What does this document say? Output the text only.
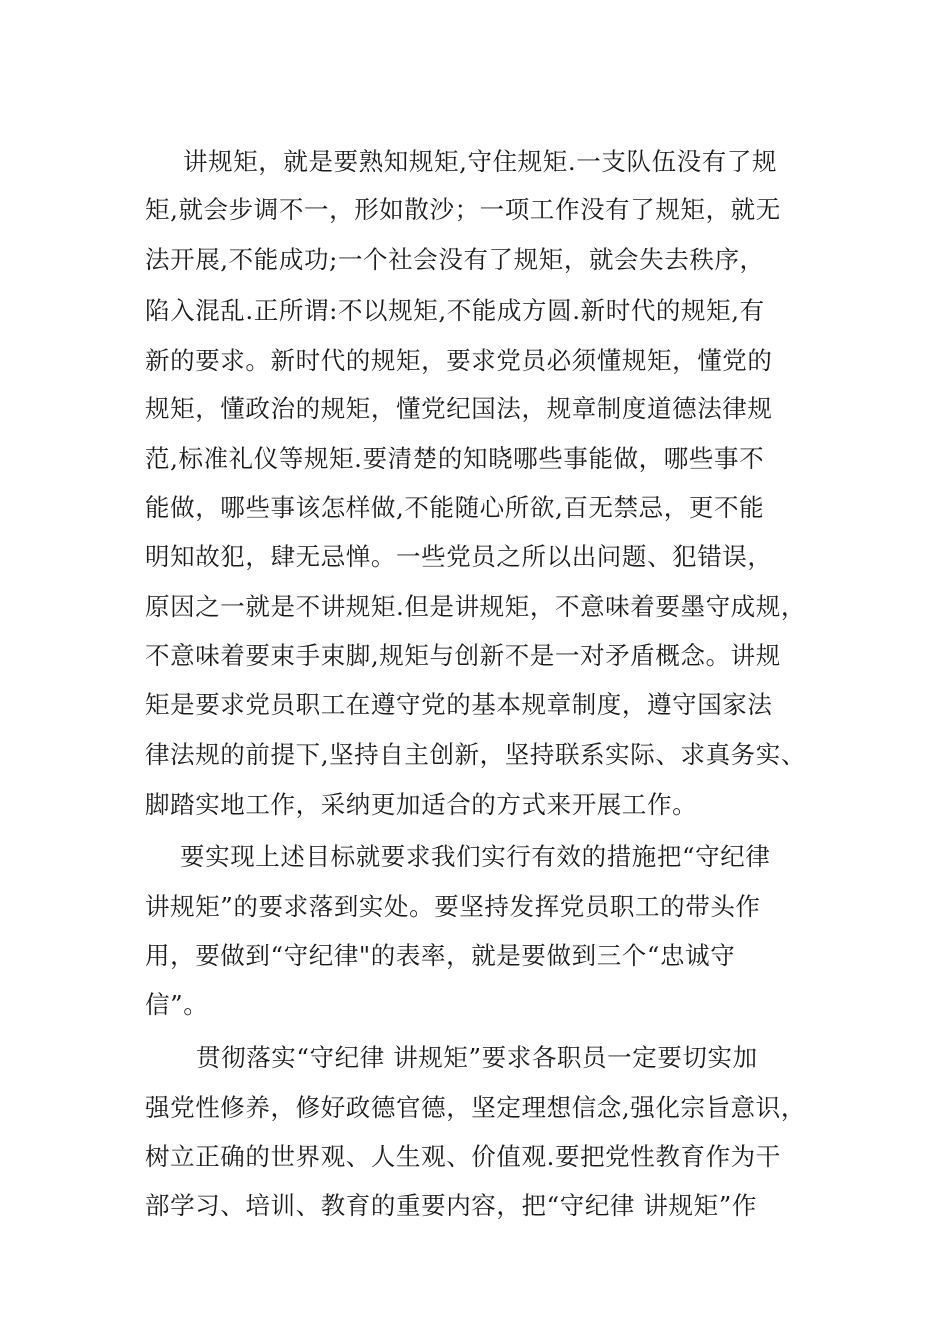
讲规矩，就是要熟知规矩,守住规矩.一支队伍没有了规
矩,就会步调不一，形如散沙；一项工作没有了规矩，就无
法开展,不能成功;一个社会没有了规矩，就会失去秩序，
陷入混乱.正所谓:不以规矩,不能成方圆.新时代的规矩,有
新的要求。新时代的规矩，要求党员必须懂规矩，懂党的
规矩，懂政治的规矩，懂党纪国法，规章制度道德法律规
范,标准礼仪等规矩.要清楚的知晓哪些事能做，哪些事不
能做，哪些事该怎样做,不能随心所欲,百无禁忌，更不能
明知故犯，肆无忌惮。一些党员之所以出问题、犯错误，
原因之一就是不讲规矩.但是讲规矩，不意味着要墨守成规，
不意味着要束手束脚,规矩与创新不是一对矛盾概念。讲规
矩是要求党员职工在遵守党的基本规章制度，遵守国家法
律法规的前提下,坚持自主创新，坚持联系实际、求真务实、
脚踏实地工作，采纳更加适合的方式来开展工作。
要实现上述目标就要求我们实行有效的措施把“守纪律
讲规矩”的要求落到实处。要坚持发挥党员职工的带头作
用，要做到“守纪律"的表率，就是要做到三个“忠诚守
信”。
贯彻落实“守纪律 讲规矩”要求各职员一定要切实加
强党性修养，修好政德官德，坚定理想信念,强化宗旨意识，
树立正确的世界观、人生观、价值观.要把党性教育作为干
部学习、培训、教育的重要内容，把“守纪律 讲规矩”作
